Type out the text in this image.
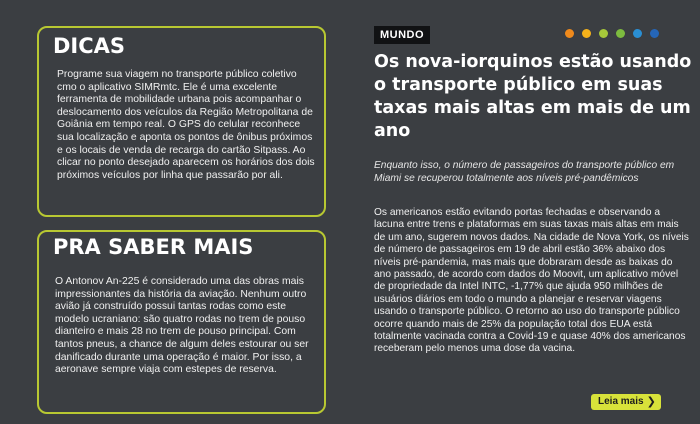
DICAS
Programe sua viagem no transporte público coletivo cmo o aplicativo SIMRmtc. Ele é uma excelente ferramenta de mobilidade urbana pois acompanhar o deslocamento dos veículos da Região Metropolitana de Goiânia em tempo real. O GPS do celular reconhece sua localização e aponta os pontos de ônibus próximos e os locais de venda de recarga do cartão Sitpass. Ao clicar no ponto desejado aparecem os horários dos dois próximos veículos por linha que passarão por ali.
PRA SABER MAIS
O Antonov An-225 é considerado uma das obras mais impressionantes da história da aviação. Nenhum outro avião já construído possui tantas rodas como este modelo ucraniano: são quatro rodas no trem de pouso dianteiro e mais 28 no trem de pouso principal. Com tantos pneus, a chance de algum deles estourar ou ser danificado durante uma operação é maior. Por isso, a aeronave sempre viaja com estepes de reserva.
MUNDO
Os nova-iorquinos estão usando o transporte público em suas taxas mais altas em mais de um ano

Enquanto isso, o número de passageiros do transporte público em Miami se recuperou totalmente aos níveis pré-pandêmicos

Os americanos estão evitando portas fechadas e observando a lacuna entre trens e plataformas em suas taxas mais altas em mais de um ano, sugerem novos dados. Na cidade de Nova York, os níveis de número de passageiros em 19 de abril estão 36% abaixo dos níveis pré-pandemia, mas mais que dobraram desde as baixas do ano passado, de acordo com dados do Moovit, um aplicativo móvel de propriedade da Intel INTC, -1,77% que ajuda 950 milhões de usuários diários em todo o mundo a planejar e reservar viagens usando o transporte público. O retorno ao uso do transporte público ocorre quando mais de 25% da população total dos EUA está totalmente vacinada contra a Covid-19 e quase 40% dos americanos receberam pelo menos uma dose da vacina.

Leia mais ❯
